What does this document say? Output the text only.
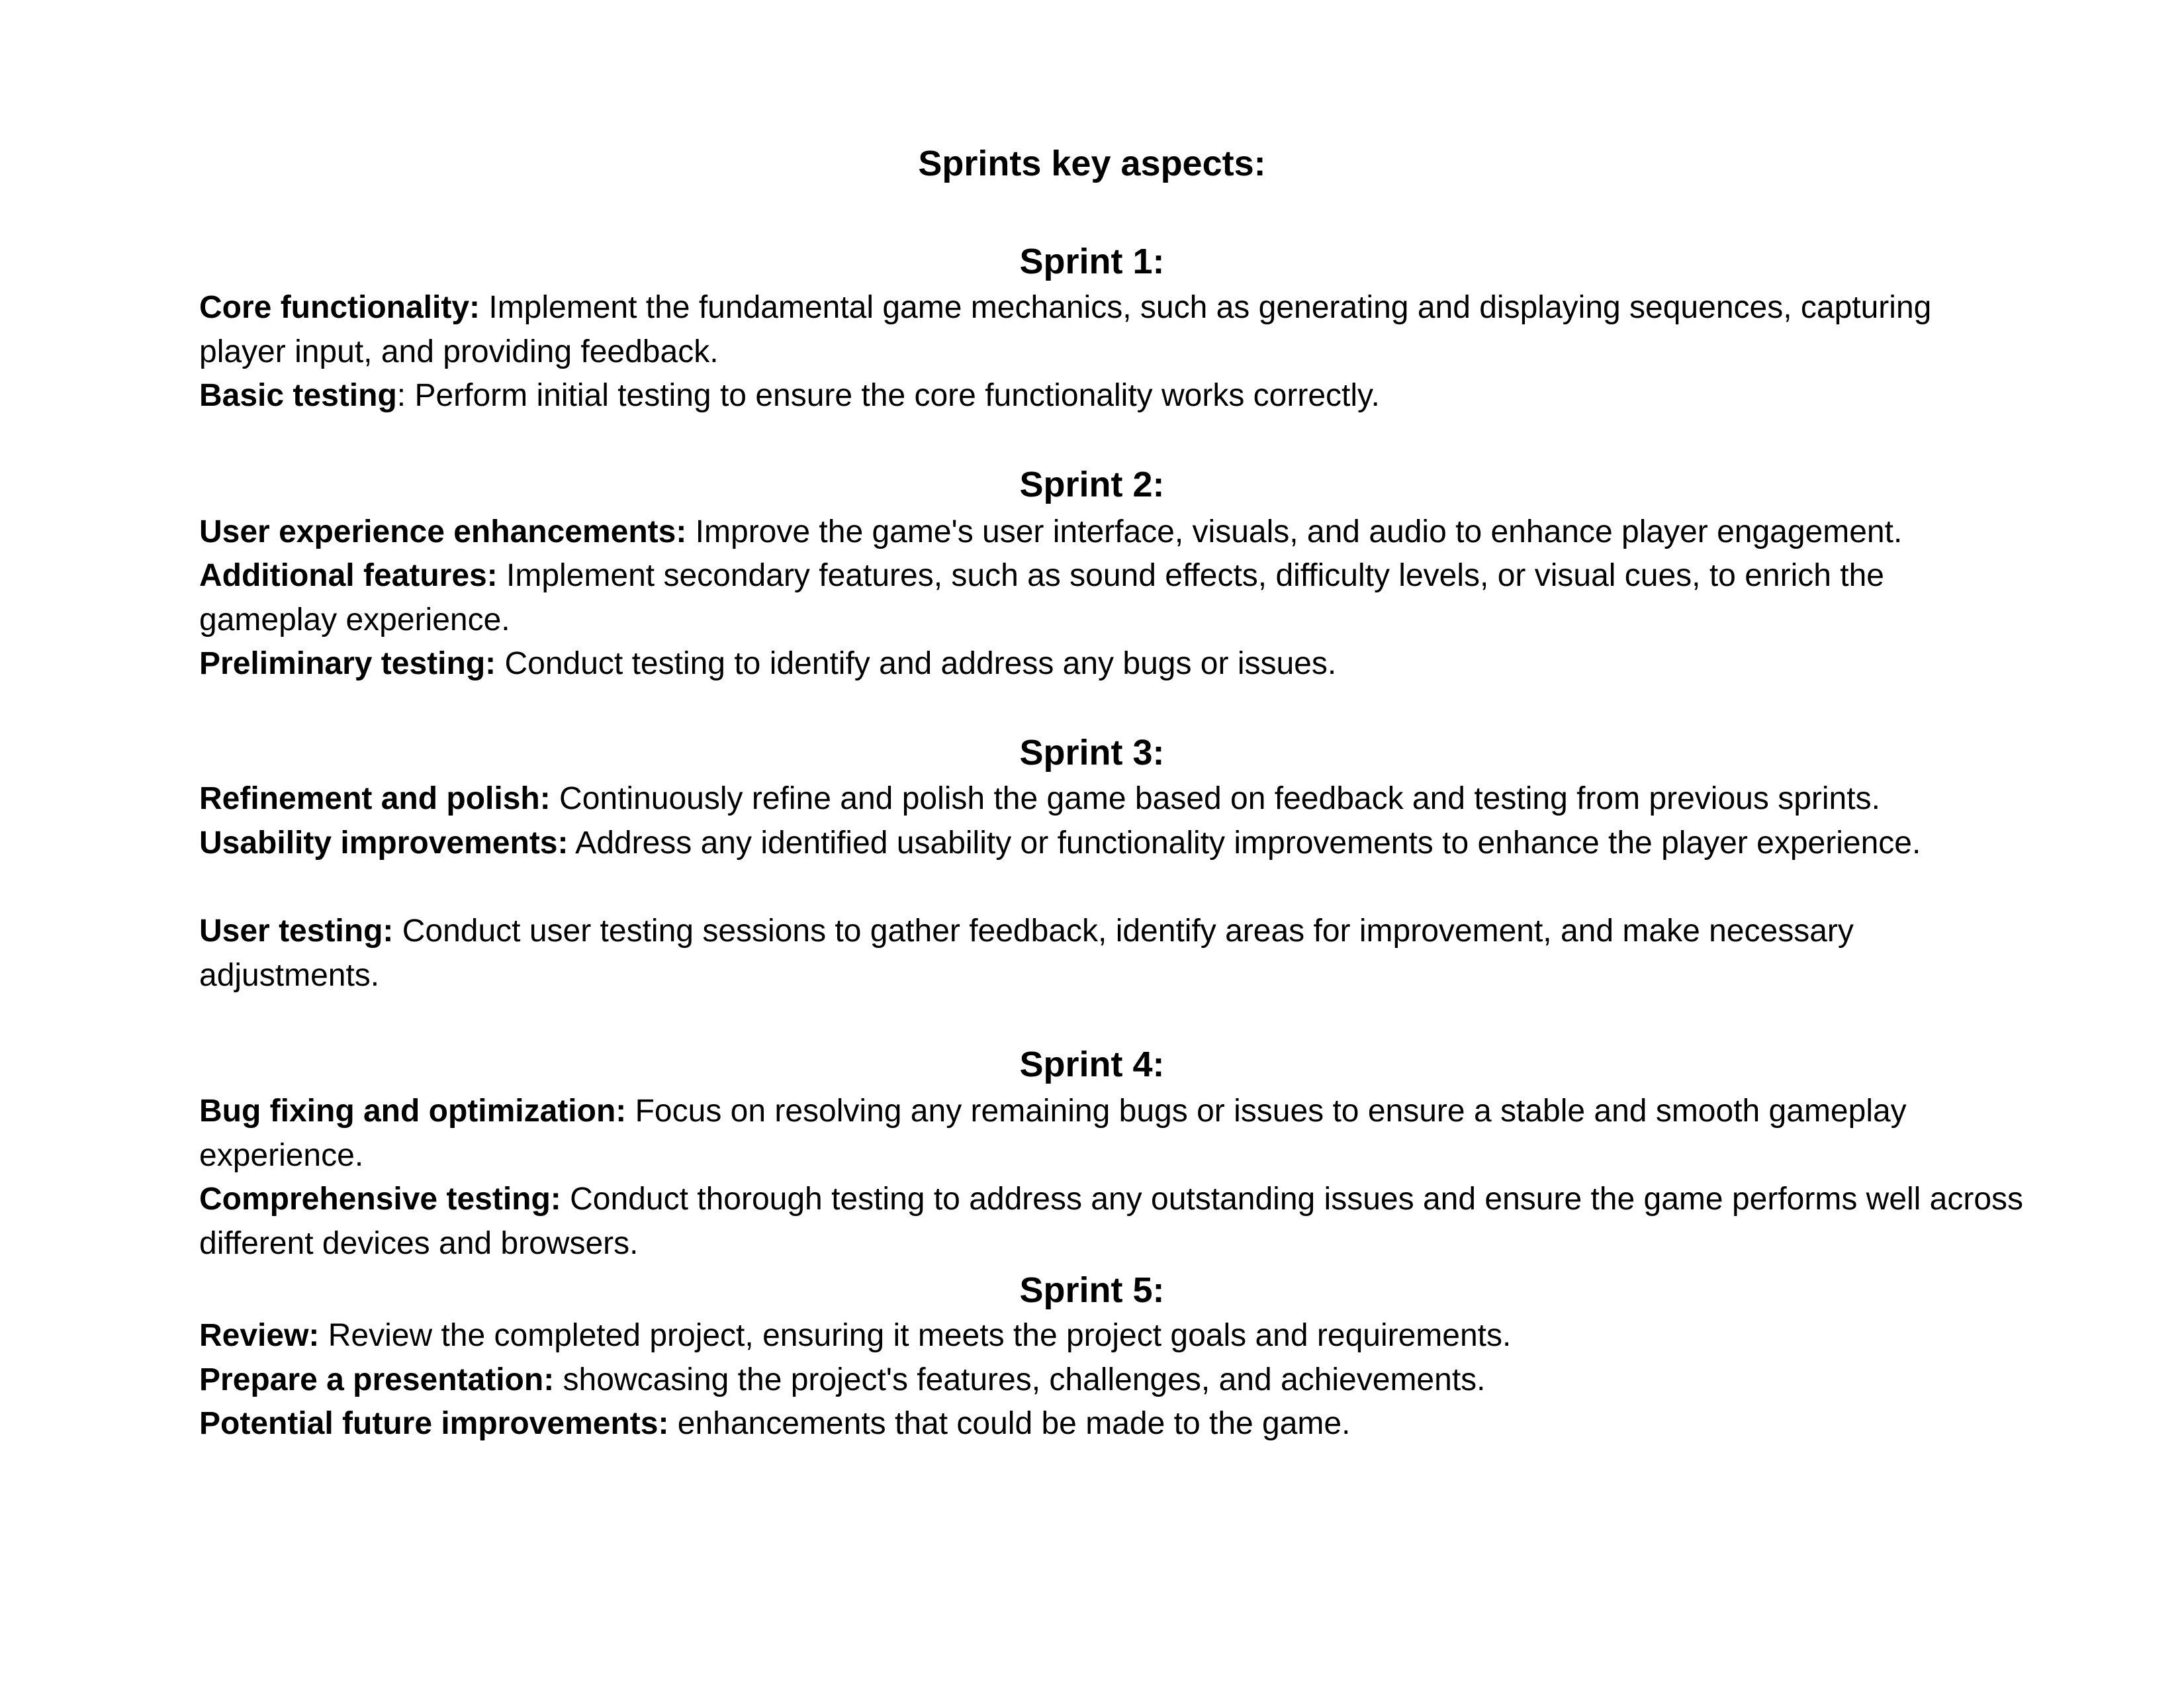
Sprints key aspects:
Sprint 1:

Core functionality: Implement the fundamental game mechanics, such as generating and displaying sequences, capturing player input, and providing feedback.

Basic testing: Perform initial testing to ensure the core functionality works correctly.

Sprint 2:

User experience enhancements: Improve the game's user interface, visuals, and audio to enhance player engagement.

Additional features: Implement secondary features, such as sound effects, difficulty levels, or visual cues, to enrich the gameplay experience.

Preliminary testing: Conduct testing to identify and address any bugs or issues.

Sprint 3:

Refinement and polish: Continuously refine and polish the game based on feedback and testing from previous sprints.

Usability improvements: Address any identified usability or functionality improvements to enhance the player experience.

User testing: Conduct user testing sessions to gather feedback, identify areas for improvement, and make necessary adjustments.

Sprint 4:

Bug fixing and optimization: Focus on resolving any remaining bugs or issues to ensure a stable and smooth gameplay experience.

Comprehensive testing: Conduct thorough testing to address any outstanding issues and ensure the game performs well across different devices and browsers.

Sprint 5:

Review: Review the completed project, ensuring it meets the project goals and requirements.

Prepare a presentation: showcasing the project's features, challenges, and achievements.

Potential future improvements: enhancements that could be made to the game.
